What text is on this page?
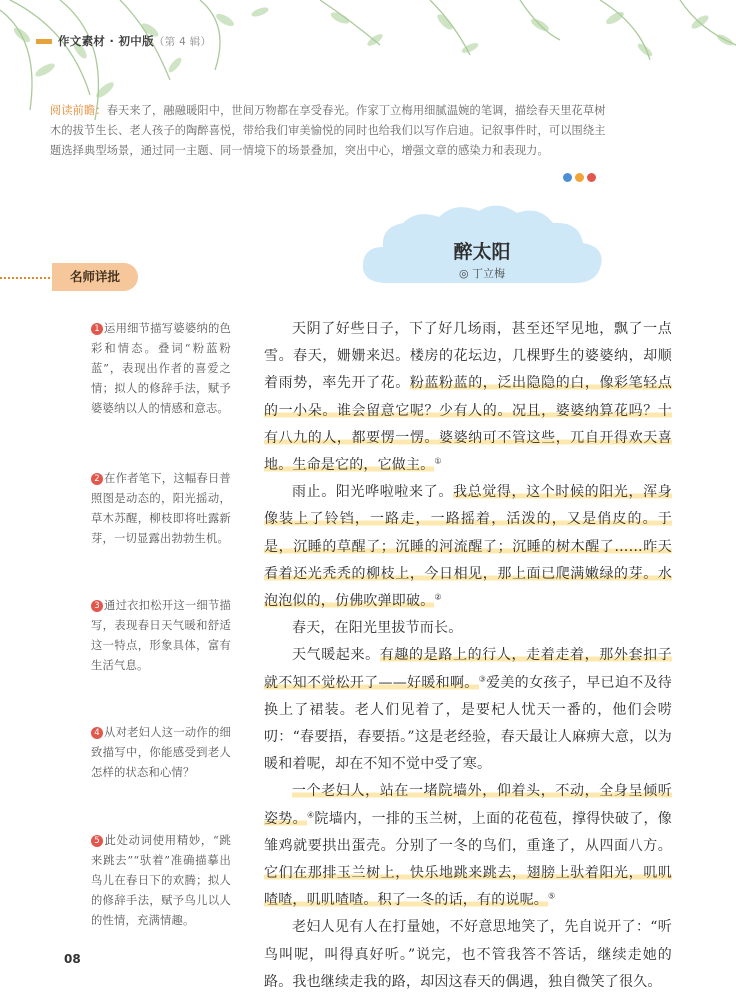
作文素材 · 初中版（第 4 辑）
阅读前瞻：春天来了，融融暖阳中，世间万物都在享受春光。作家丁立梅用细腻温婉的笔调，描绘春天里花草树木的拔节生长、老人孩子的陶醉喜悦，带给我们审美愉悦的同时也给我们以写作启迪。记叙事件时，可以围绕主题选择典型场景，通过同一主题、同一情境下的场景叠加，突出中心，增强文章的感染力和表现力。
醉太阳
◎ 丁立梅
名师详批
1 运用细节描写婆婆纳的色彩和情态。叠词“粉蓝粉蓝”，表现出作者的喜爱之情；拟人的修辞手法，赋予婆婆纳以人的情感和意志。
2 在作者笔下，这幅春日普照图是动态的，阳光摇动，草木苏醒，柳枝即将吐露新芽，一切显露出勃勃生机。
3 通过衣扣松开这一细节描写，表现春日天气暖和舒适这一特点，形象具体，富有生活气息。
4 从对老妇人这一动作的细致描写中，你能感受到老人怎样的状态和心情？
5 此处动词使用精妙，“跳来跳去”“驮着”准确描摹出鸟儿在春日下的欢腾；拟人的修辞手法，赋予鸟儿以人的性情，充满情趣。

天阴了好些日子，下了好几场雨，甚至还罕见地，飘了一点雪。春天，姗姗来迟。楼房的花坛边，几棵野生的婆婆纳，却顺着雨势，率先开了花。粉蓝粉蓝的，泛出隐隐的白，像彩笔轻点的一小朵。谁会留意它呢？少有人的。况且，婆婆纳算花吗？十有八九的人，都要愣一愣。婆婆纳可不管这些，兀自开得欢天喜地。生命是它的，它做主。①

雨止。阳光哗啦啦来了。我总觉得，这个时候的阳光，浑身像装上了铃铛，一路走，一路摇着，活泼的，又是俏皮的。于是，沉睡的草醒了；沉睡的河流醒了；沉睡的树木醒了……昨天看着还光秃秃的柳枝上，今日相见，那上面已爬满嫩绿的芽。水泡泡似的，仿佛吹弹即破。②

春天，在阳光里拔节而长。

天气暖起来。有趣的是路上的行人，走着走着，那外套扣子就不知不觉松开了——好暖和啊。③爱美的女孩子，早已迫不及待换上了裙装。老人们见着了，是要杞人忧天一番的，他们会唠叨：“春要捂，春要捂。”这是老经验，春天最让人麻痹大意，以为暖和着呢，却在不知不觉中受了寒。

一个老妇人，站在一堵院墙外，仰着头，不动，全身呈倾听姿势。④院墙内，一排的玉兰树，上面的花苞苞，撑得快破了，像雏鸡就要拱出蛋壳。分别了一冬的鸟们，重逢了，从四面八方。它们在那排玉兰树上，快乐地跳来跳去，翅膀上驮着阳光，叽叽喳喳，叽叽喳喳。积了一冬的话，有的说呢。⑤

老妇人见有人在打量她，不好意思地笑了，先自说开了：“听鸟叫呢，叫得真好听。”说完，也不管我答不答话，继续走她的路。我也继续走我的路，却因这春天的偶遇，独自微笑了很久。

08
